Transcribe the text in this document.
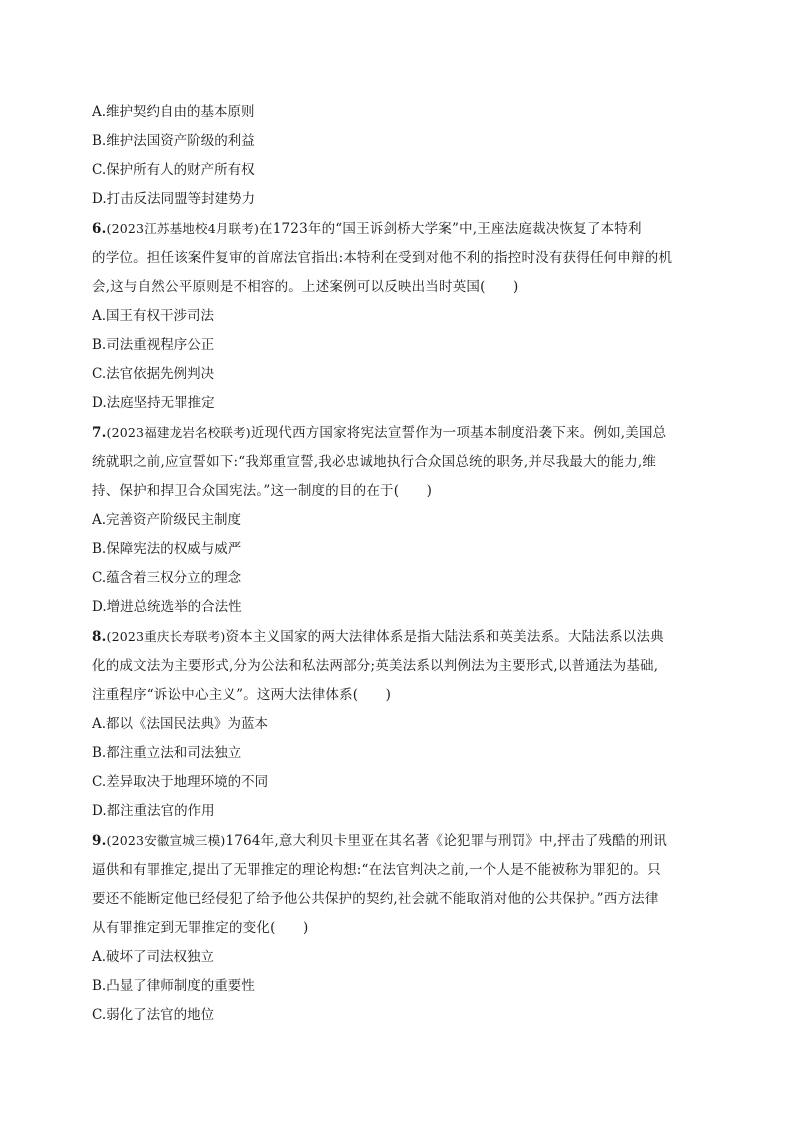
A.维护契约自由的基本原则
B.维护法国资产阶级的利益
C.保护所有人的财产所有权
D.打击反法同盟等封建势力
6.(2023江苏基地校4月联考)在1723年的“国王诉剑桥大学案”中,王座法庭裁决恢复了本特利
的学位。担任该案件复审的首席法官指出:本特利在受到对他不利的指控时没有获得任何申辩的机
会,这与自然公平原则是不相容的。上述案例可以反映出当时英国(　　)
A.国王有权干涉司法
B.司法重视程序公正
C.法官依据先例判决
D.法庭坚持无罪推定
7.(2023福建龙岩名校联考)近现代西方国家将宪法宣誓作为一项基本制度沿袭下来。例如,美国总
统就职之前,应宣誓如下:“我郑重宣誓,我必忠诚地执行合众国总统的职务,并尽我最大的能力,维
持、保护和捍卫合众国宪法。”这一制度的目的在于(　　)
A.完善资产阶级民主制度
B.保障宪法的权威与威严
C.蕴含着三权分立的理念
D.增进总统选举的合法性
8.(2023重庆长寿联考)资本主义国家的两大法律体系是指大陆法系和英美法系。大陆法系以法典
化的成文法为主要形式,分为公法和私法两部分;英美法系以判例法为主要形式,以普通法为基础,
注重程序“诉讼中心主义”。这两大法律体系(　　)
A.都以《法国民法典》为蓝本
B.都注重立法和司法独立
C.差异取决于地理环境的不同
D.都注重法官的作用
9.(2023安徽宣城三模)1764年,意大利贝卡里亚在其名著《论犯罪与刑罚》中,抨击了残酷的刑讯
逼供和有罪推定,提出了无罪推定的理论构想:“在法官判决之前,一个人是不能被称为罪犯的。只
要还不能断定他已经侵犯了给予他公共保护的契约,社会就不能取消对他的公共保护。”西方法律
从有罪推定到无罪推定的变化(　　)
A.破坏了司法权独立
B.凸显了律师制度的重要性
C.弱化了法官的地位
